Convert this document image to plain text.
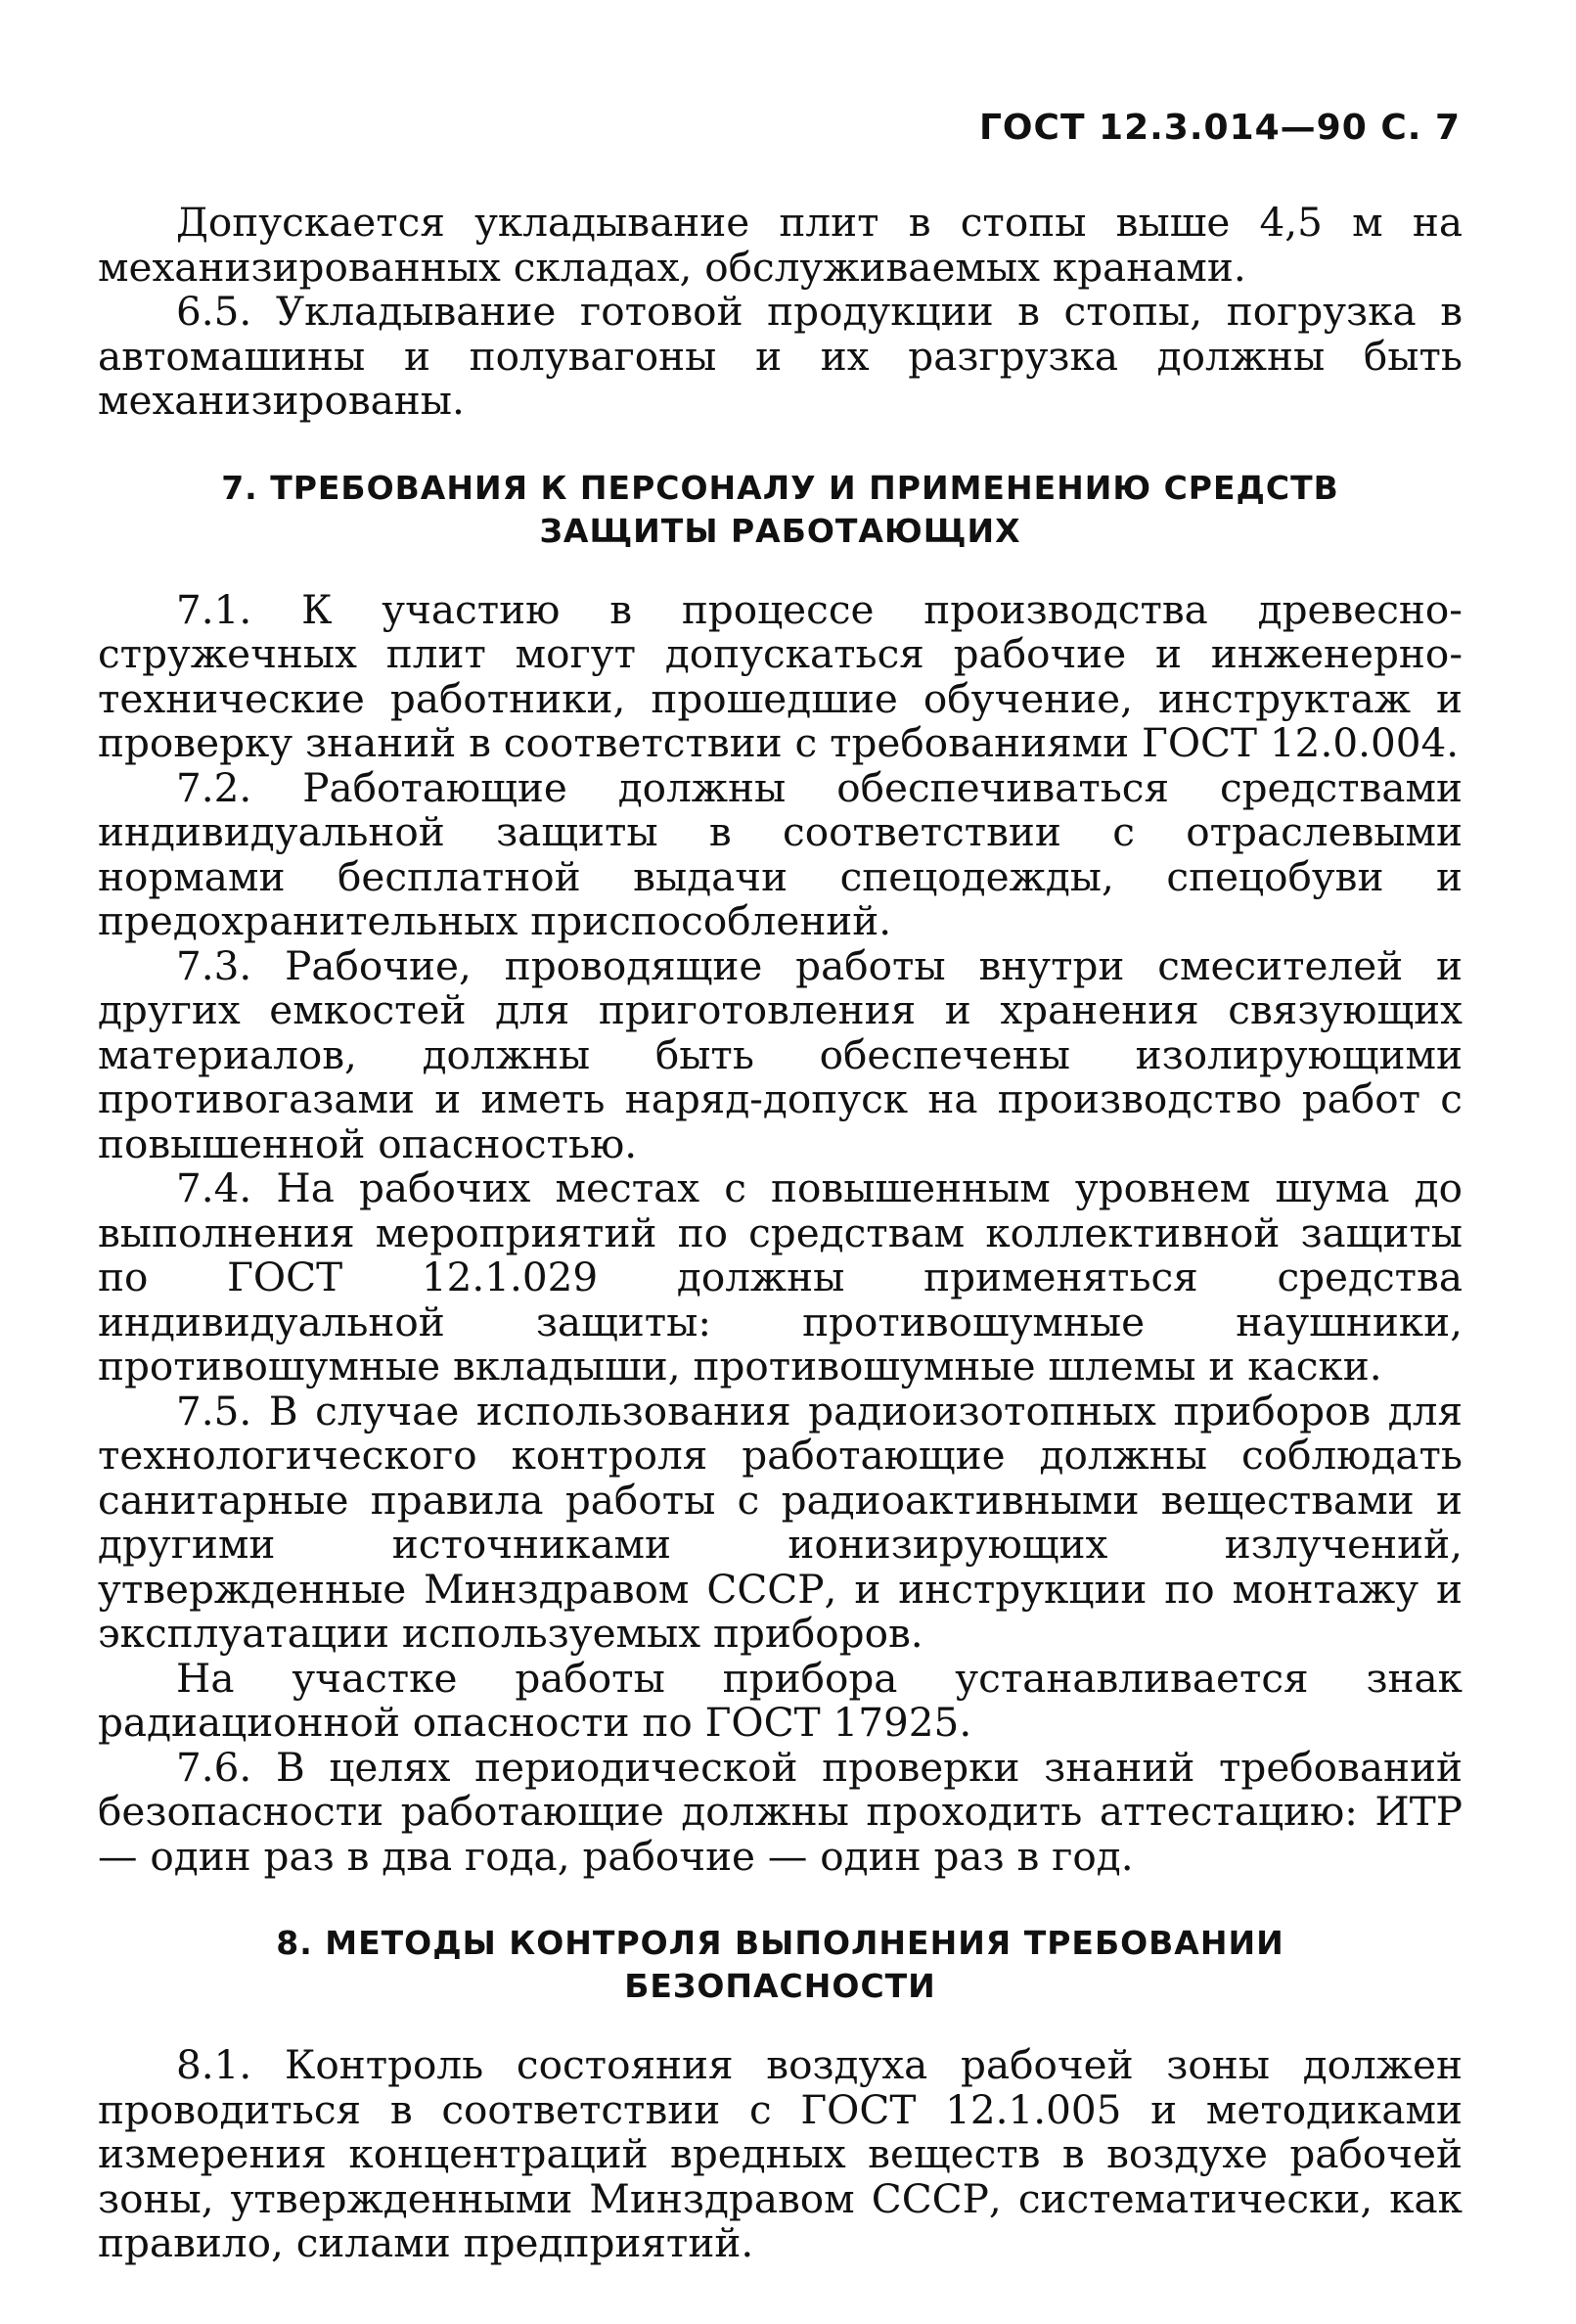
ГОСТ 12.3.014—90 С. 7

Допускается укладывание плит в стопы выше 4,5 м на механизированных складах, обслуживаемых кранами.

6.5. Укладывание готовой продукции в стопы, погрузка в автомашины и полувагоны и их разгрузка должны быть механизированы.

7. ТРЕБОВАНИЯ К ПЕРСОНАЛУ И ПРИМЕНЕНИЮ СРЕДСТВ
ЗАЩИТЫ РАБОТАЮЩИХ

7.1. К участию в процессе производства древесно-стружечных плит могут допускаться рабочие и инженерно-технические работники, прошедшие обучение, инструктаж и проверку знаний в соответствии с требованиями ГОСТ 12.0.004.

7.2. Работающие должны обеспечиваться средствами индивидуальной защиты в соответствии с отраслевыми нормами бесплатной выдачи спецодежды, спецобуви и предохранительных приспособлений.

7.3. Рабочие, проводящие работы внутри смесителей и других емкостей для приготовления и хранения связующих материалов, должны быть обеспечены изолирующими противогазами и иметь наряд-допуск на производство работ с повышенной опасностью.

7.4. На рабочих местах с повышенным уровнем шума до выполнения мероприятий по средствам коллективной защиты по ГОСТ 12.1.029 должны применяться средства индивидуальной защиты: противошумные наушники, противошумные вкладыши, противошумные шлемы и каски.

7.5. В случае использования радиоизотопных приборов для технологического контроля работающие должны соблюдать санитарные правила работы с радиоактивными веществами и другими источниками ионизирующих излучений, утвержденные Минздравом СССР, и инструкции по монтажу и эксплуатации используемых приборов.

На участке работы прибора устанавливается знак радиационной опасности по ГОСТ 17925.

7.6. В целях периодической проверки знаний требований безопасности работающие должны проходить аттестацию: ИТР — один раз в два года, рабочие — один раз в год.

8. МЕТОДЫ КОНТРОЛЯ ВЫПОЛНЕНИЯ ТРЕБОВАНИИ
БЕЗОПАСНОСТИ

8.1. Контроль состояния воздуха рабочей зоны должен проводиться в соответствии с ГОСТ 12.1.005 и методиками измерения концентраций вредных веществ в воздухе рабочей зоны, утвержденными Минздравом СССР, систематически, как правило, силами предприятий.
